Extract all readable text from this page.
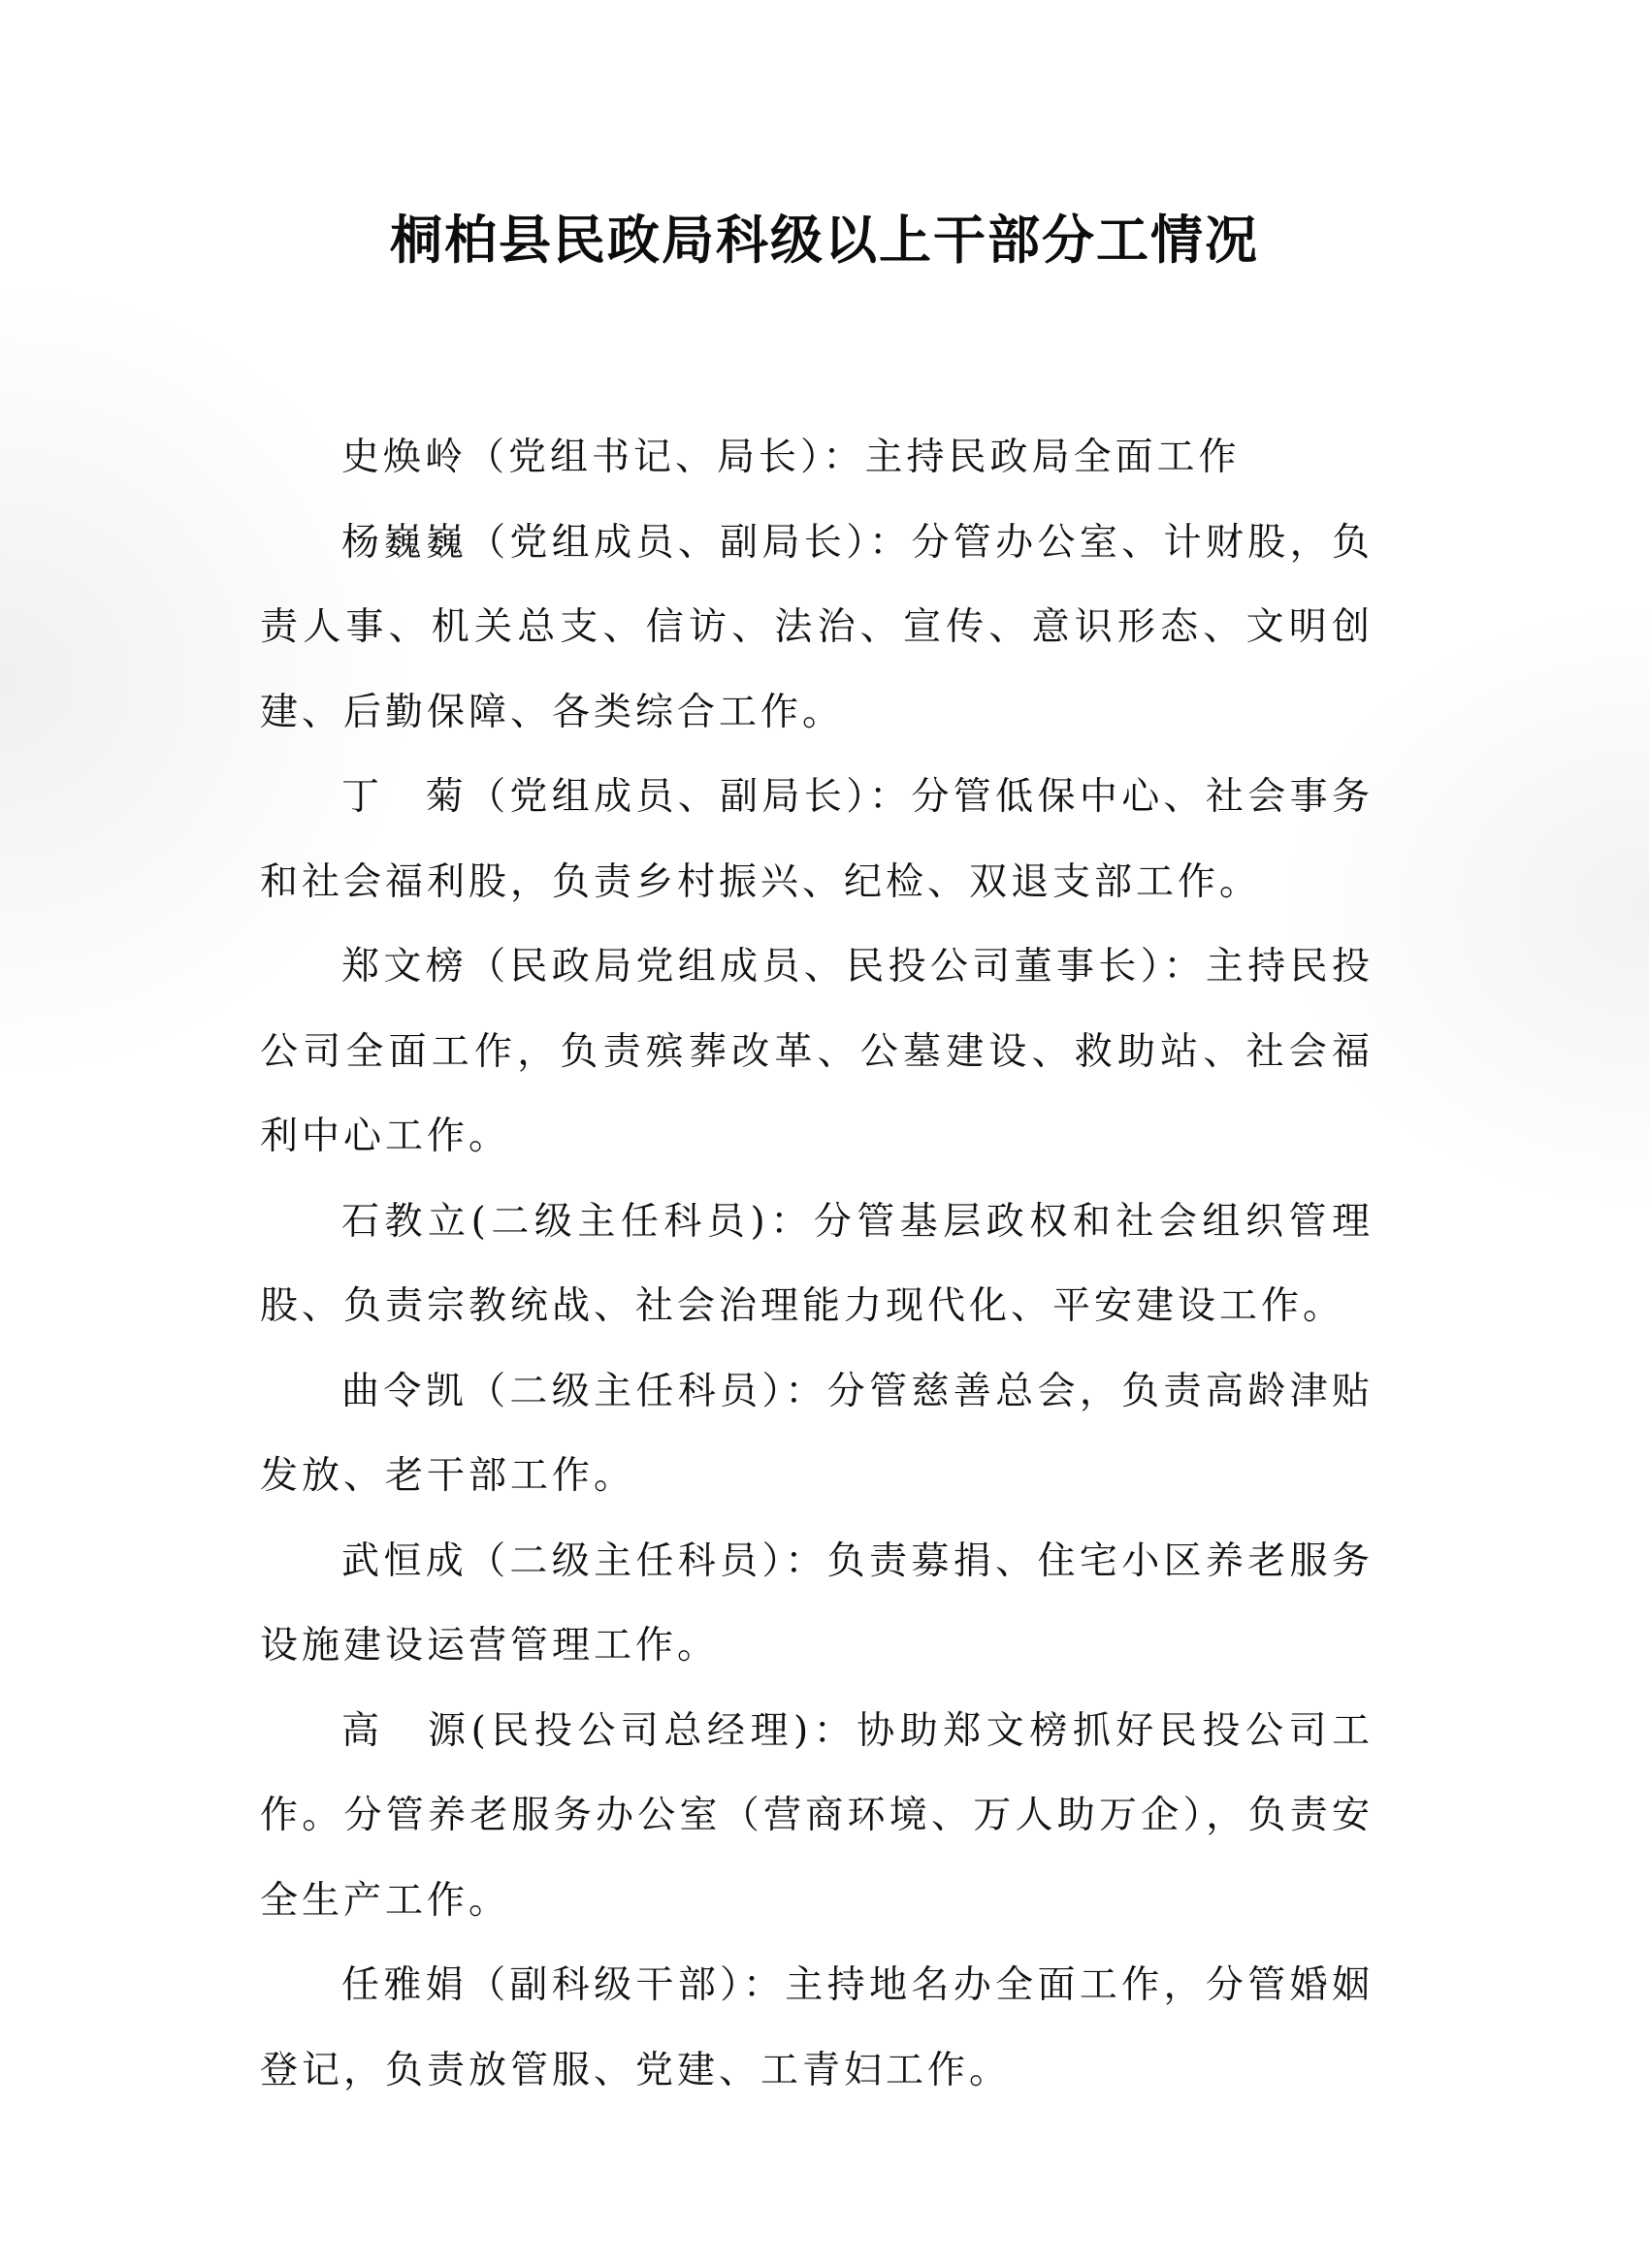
桐柏县民政局科级以上干部分工情况

史焕岭（党组书记、局长）：主持民政局全面工作

杨巍巍（党组成员、副局长）：分管办公室、计财股，负责人事、机关总支、信访、法治、宣传、意识形态、文明创建、后勤保障、各类综合工作。

丁　菊（党组成员、副局长）：分管低保中心、社会事务和社会福利股，负责乡村振兴、纪检、双退支部工作。

郑文榜（民政局党组成员、民投公司董事长）：主持民投公司全面工作，负责殡葬改革、公墓建设、救助站、社会福利中心工作。

石教立(二级主任科员)：分管基层政权和社会组织管理股、负责宗教统战、社会治理能力现代化、平安建设工作。

曲令凯（二级主任科员）：分管慈善总会，负责高龄津贴发放、老干部工作。

武恒成（二级主任科员）：负责募捐、住宅小区养老服务设施建设运营管理工作。

高　源(民投公司总经理)：协助郑文榜抓好民投公司工作。分管养老服务办公室（营商环境、万人助万企），负责安全生产工作。

任雅娟（副科级干部）：主持地名办全面工作，分管婚姻登记，负责放管服、党建、工青妇工作。
